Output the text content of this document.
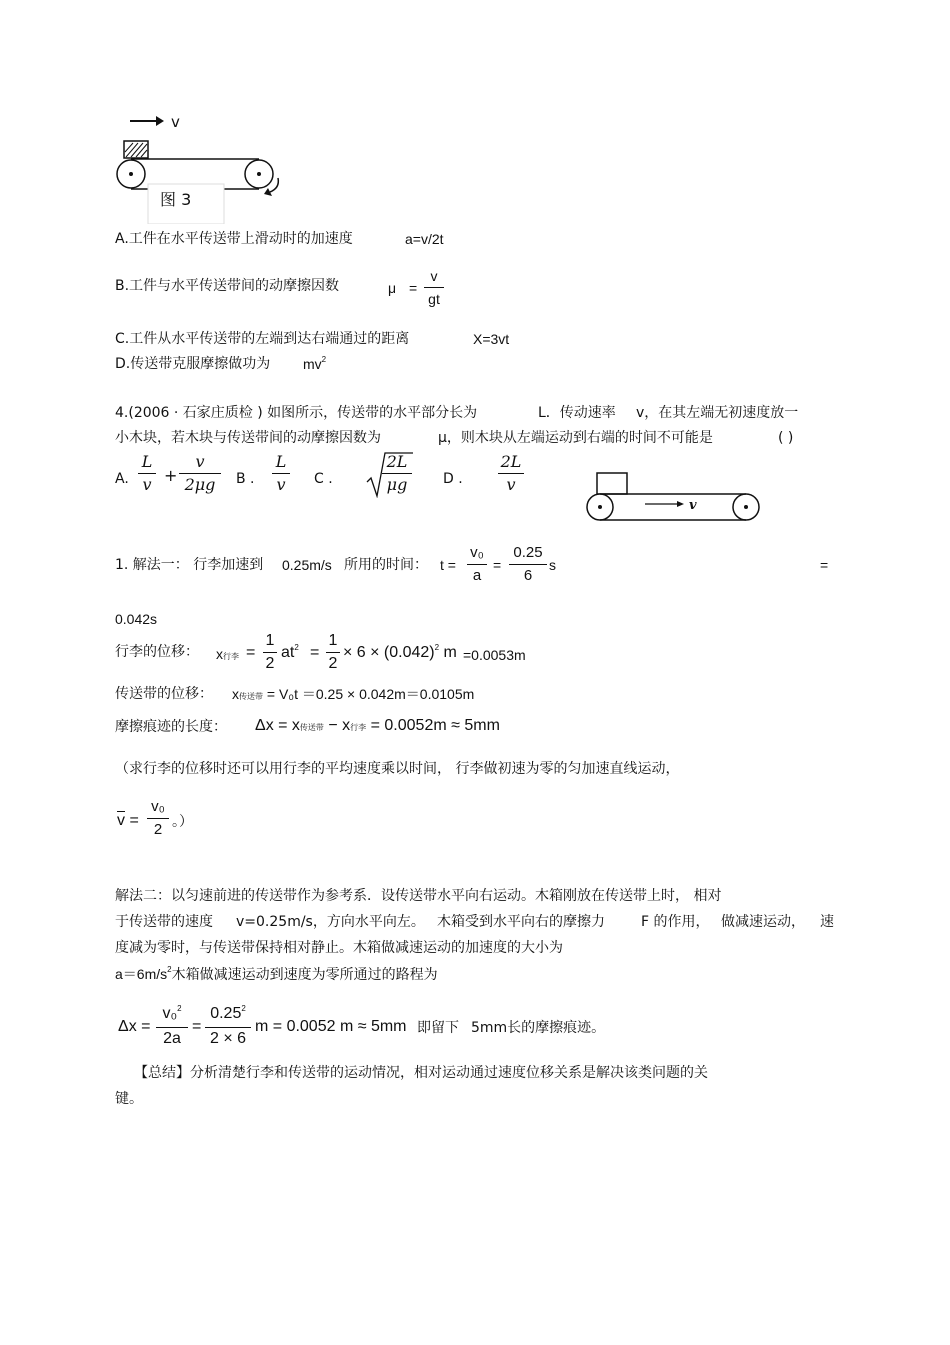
v
图 3
A.工件在水平传送带上滑动时的加速度	a=v/2t
B.工件与水平传送带间的动摩擦因数	μ =
v
gt
C.工件从水平传送带的左端到达右端通过的距离	X=3vt
D.传送带克服摩擦做功为 $mv^2$
4.(2006 · 石家庄质检 ) 如图所示，传送带的水平部分长为	L．传动速率 v，在其左端无初速度放一
小木块，若木块与传送带间的动摩擦因数为	μ，则木块从左端运动到右端的时间不可能是	( )
A.
L
v +
v
2μg	B .
L
v	C .
2L
μg	D .
2L
v
v
1. 解法一： 行李加速到 0.25m/s 所用的时间： t =
v₀
a
=
0.25
6
s	=
0.042s
行李的位移： x行李 =
1
2
$at^2$ =
1
2
× $6 \times (0.042)^2$ m =0.0053m
传送带的位移： x传送带 = V₀t ＝0.25 × 0.042m＝0.0105m
摩擦痕迹的长度： Δx = x传送带 − x行李 = 0.0052m ≈ 5mm
（求行李的位移时还可以用行李的平均速度乘以时间， 行李做初速为零的匀加速直线运动，
v =
v₀
2 。）
解法二：以匀速前进的传送带作为参考系．设传送带水平向右运动。木箱刚放在传送带上时， 相对
于传送带的速度 v=0.25m/s，方向水平向左。 木箱受到水平向右的摩擦力	F 的作用， 做减速运动， 速
度减为零时，与传送带保持相对静止。木箱做减速运动的加速度的大小为
$a=6m/s^2$木箱做减速运动到速度为零所通过的路程为
Δx =
v₀$^2$
2a
=
$0.25^2$
2 × 6
m = 0.0052 m ≈ 5mm 即留下 5mm长的摩擦痕迹。
【总结】分析清楚行李和传送带的运动情况，相对运动通过速度位移关系是解决该类问题的关
键。
